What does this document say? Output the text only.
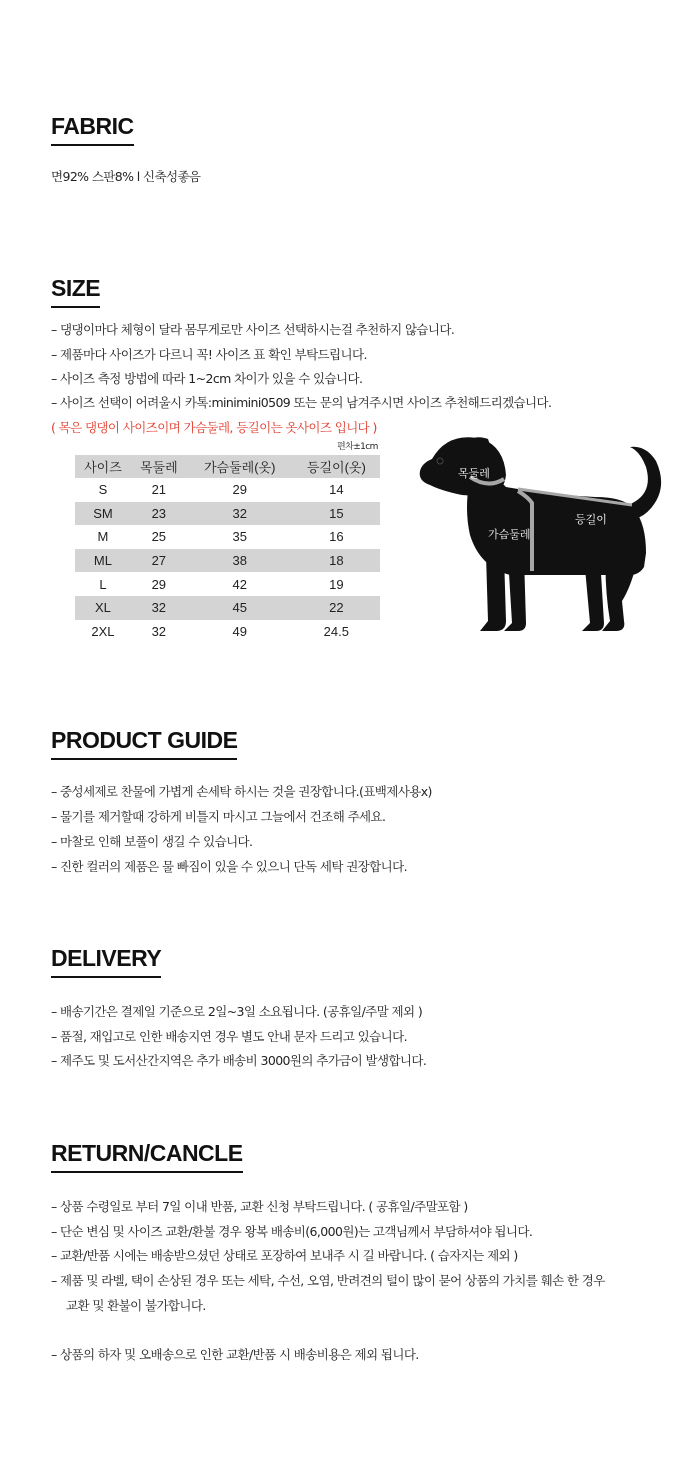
FABRIC
면92% 스판8% l 신축성좋음
SIZE
– 댕댕이마다 체형이 달라 몸무게로만 사이즈 선택하시는걸 추천하지 않습니다.
– 제품마다 사이즈가 다르니 꼭! 사이즈 표 확인 부탁드립니다.
– 사이즈 측정 방법에 따라 1~2cm 차이가 있을 수 있습니다.
– 사이즈 선택이 어려울시 카톡:minimini0509 또는 문의 남겨주시면 사이즈 추천해드리겠습니다.
( 목은 댕댕이 사이즈이며 가슴둘레, 등길이는 옷사이즈 입니다 )
편차±1cm
사이즈	목둘레	가슴둘레(옷)	등길이(옷)
S	21	29	14
SM	23	32	15
M	25	35	16
ML	27	38	18
L	29	42	19
XL	32	45	22
2XL	32	49	24.5
목둘레
가슴둘레
등길이
PRODUCT GUIDE
– 중성세제로 찬물에 가볍게 손세탁 하시는 것을 권장합니다.(표백제사용x)
– 물기를 제거할때 강하게 비틀지 마시고 그늘에서 건조해 주세요.
– 마찰로 인해 보풀이 생길 수 있습니다.
– 진한 컬러의 제품은 물 빠짐이 있을 수 있으니 단독 세탁 권장합니다.
DELIVERY
– 배송기간은 결제일 기준으로 2일~3일 소요됩니다. (공휴일/주말 제외 )
– 품절, 재입고로 인한 배송지연 경우 별도 안내 문자 드리고 있습니다.
– 제주도 및 도서산간지역은 추가 배송비 3000원의 추가금이 발생합니다.
RETURN/CANCLE
– 상품 수령일로 부터 7일 이내 반품, 교환 신청 부탁드립니다. ( 공휴일/주말포함 )
– 단순 변심 및 사이즈 교환/환불 경우 왕복 배송비(6,000원)는 고객님께서 부담하셔야 됩니다.
– 교환/반품 시에는 배송받으셨던 상태로 포장하여 보내주 시 길 바랍니다. ( 습자지는 제외 )
– 제품 및 라벨, 택이 손상된 경우 또는 세탁, 수선, 오염, 반려견의 털이 많이 묻어 상품의 가치를 훼손 한 경우
교환 및 환불이 불가합니다.
– 상품의 하자 및 오배송으로 인한 교환/반품 시 배송비용은 제외 됩니다.
